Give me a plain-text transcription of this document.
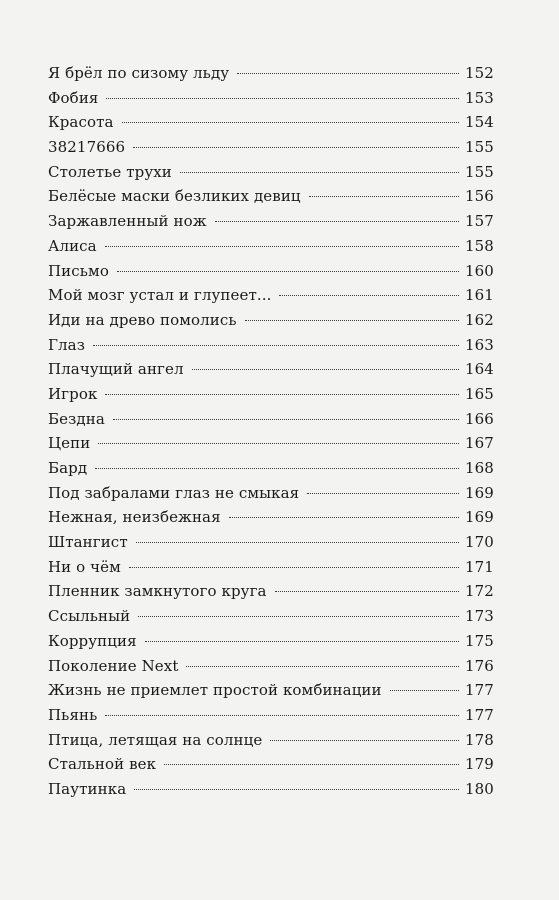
Я брёл по сизому льду	152
Фобия	153
Красота	154
38217666	155
Столетье трухи	155
Белёсые маски безликих девиц	156
Заржавленный нож	157
Алиса	158
Письмо	160
Мой мозг устал и глупеет...	161
Иди на древо помолись	162
Глаз	163
Плачущий ангел	164
Игрок	165
Бездна	166
Цепи	167
Бард	168
Под забралами глаз не смыкая	169
Нежная, неизбежная	169
Штангист	170
Ни о чём	171
Пленник замкнутого круга	172
Ссыльный	173
Коррупция	175
Поколение Next	176
Жизнь не приемлет простой комбинации	177
Пьянь	177
Птица, летящая на солнце	178
Стальной век	179
Паутинка	180
